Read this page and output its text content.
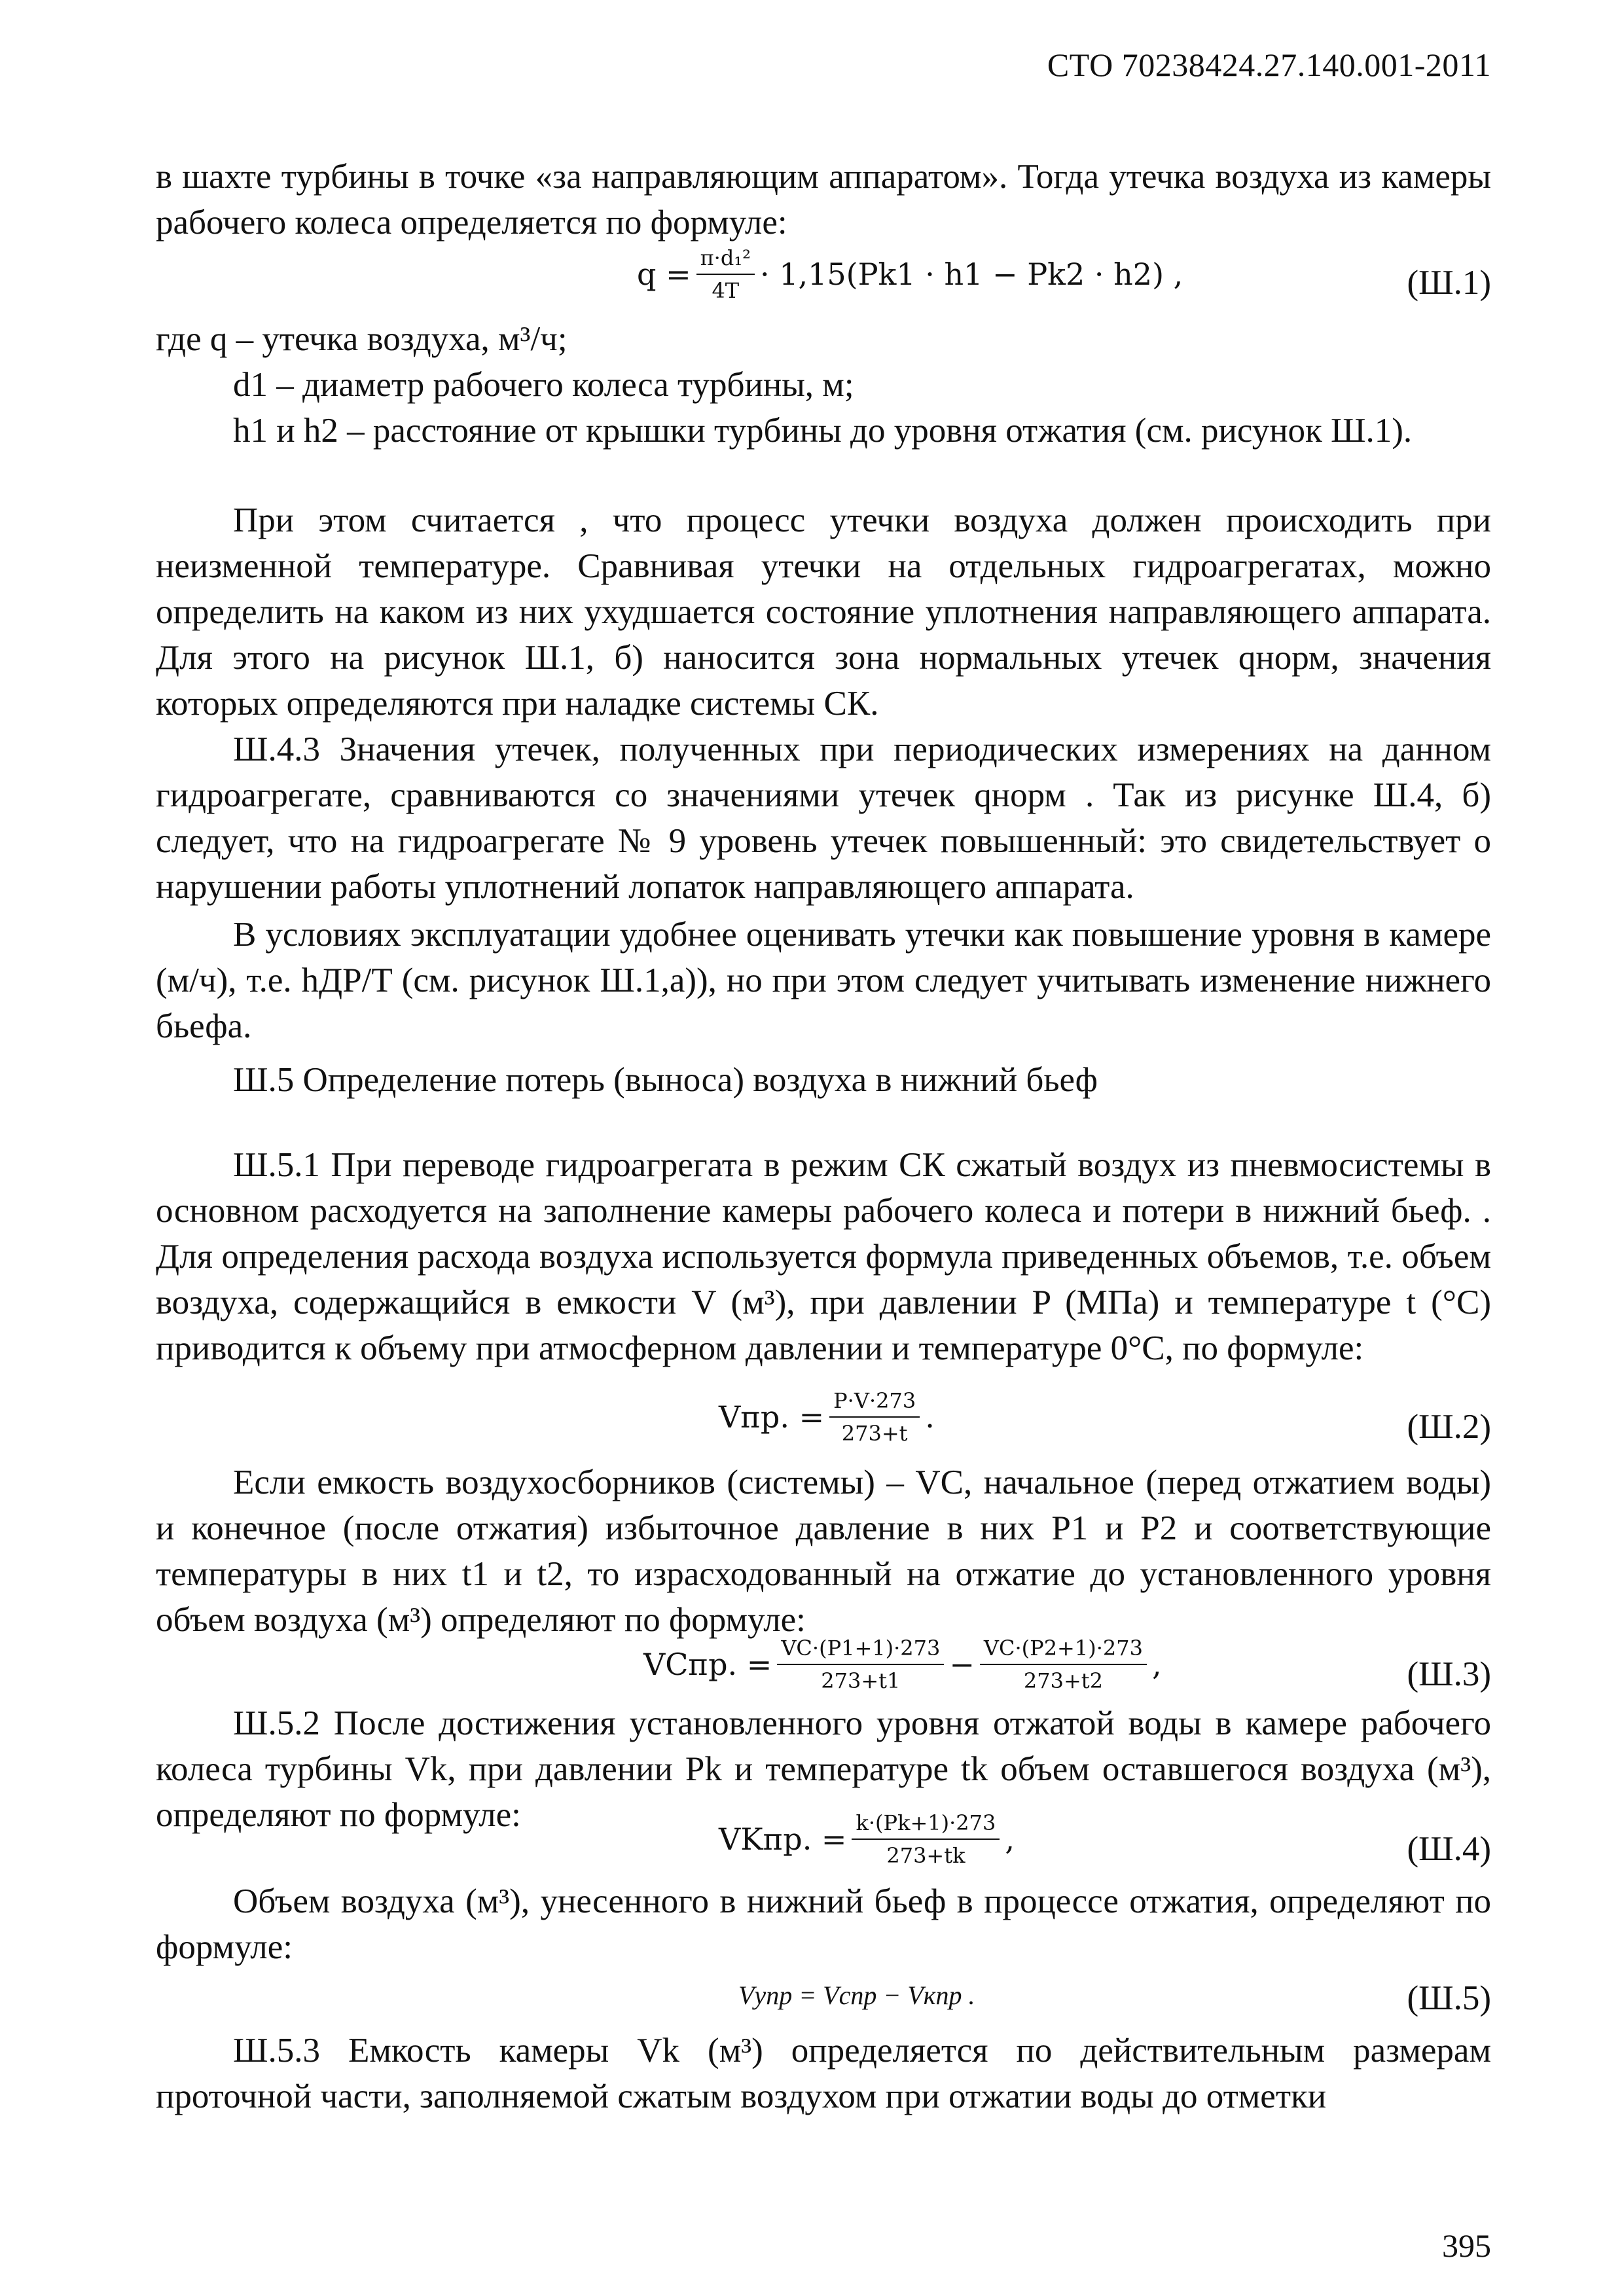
СТО 70238424.27.140.001-2011

в шахте турбины в точке «за направляющим аппаратом». Тогда утечка воздуха из камеры рабочего колеса определяется по формуле:

$q = \frac{\text{π·d₁²}}{4T} \cdot 1,15(Pk1 \cdot h1 - Pk2 \cdot h2)$ ,	(Ш.1)

где q – утечка воздуха, м³/ч;

d1 – диаметр рабочего колеса турбины, м;

h1 и h2 – расстояние от крышки турбины до уровня отжатия (см. рисунок Ш.1).

При этом считается , что процесс утечки воздуха должен происходить при неизменной температуре. Сравнивая утечки на отдельных гидроагрегатах, можно определить на каком из них ухудшается состояние уплотнения направляющего аппарата. Для этого на рисунок Ш.1, б) наносится зона нормальных утечек qнорм, значения которых определяются при наладке системы СК.

Ш.4.3 Значения утечек, полученных при периодических измерениях на данном гидроагрегате, сравниваются со значениями утечек qнорм . Так из рисунке Ш.4, б) следует, что на гидроагрегате № 9 уровень утечек повышенный: это свидетельствует о нарушении работы уплотнений лопаток направляющего аппарата.

В условиях эксплуатации удобнее оценивать утечки как повышение уровня в камере (м/ч), т.е. hДР/T (см. рисунок Ш.1,а)), но при этом следует учитывать изменение нижнего бьефа.

Ш.5 Определение потерь (выноса) воздуха в нижний бьеф

Ш.5.1 При переводе гидроагрегата в режим СК сжатый воздух из пневмосистемы в основном расходуется на заполнение камеры рабочего колеса и потери в нижний бьеф. . Для определения расхода воздуха используется формула приведенных объемов, т.е. объем воздуха, содержащийся в емкости V (м³), при давлении P (МПа) и температуре t (°С) приводится к объему при атмосферном давлении и температуре 0°С, по формуле:

Vпр. = $\frac{P\cdot V\cdot 273}{273+t}$ .	(Ш.2)

Если емкость воздухосборников (системы) – VC, начальное (перед отжатием воды) и конечное (после отжатия) избыточное давление в них P1 и P2 и соответствующие температуры в них t1 и t2, то израсходованный на отжатие до установленного уровня объем воздуха (м³) определяют по формуле:

VCпр. = $\frac{VC\cdot(P1+1)\cdot 273}{273+t1} - \frac{VC\cdot(P2+1)\cdot 273}{273+t2}$ ,	(Ш.3)

Ш.5.2 После достижения установленного уровня отжатой воды в камере рабочего колеса турбины Vk, при давлении Pk и температуре tk объем оставшегося воздуха (м³), определяют по формуле:

VKпр. = $\frac{k\cdot(Pk+1)\cdot 273}{273+tk}$ ,	(Ш.4)

Объем воздуха (м³), унесенного в нижний бьеф в процессе отжатия, определяют по формуле:

Vупр = Vспр − Vкпр .	(Ш.5)

Ш.5.3 Емкость камеры Vk (м³) определяется по действительным размерам проточной части, заполняемой сжатым воздухом при отжатии воды до отметки

395
